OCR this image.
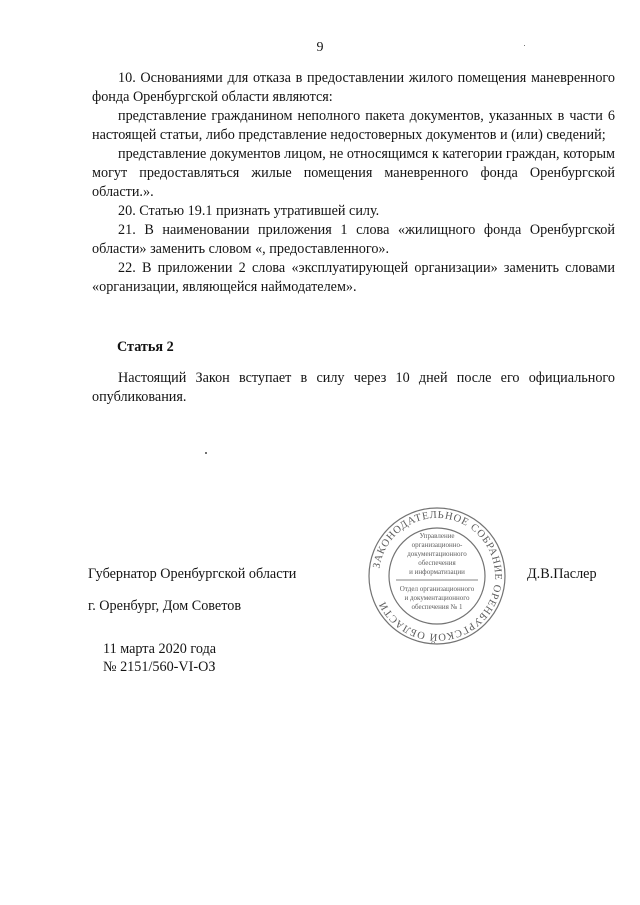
9

10. Основаниями для отказа в предоставлении жилого помещения маневренного фонда Оренбургской области являются:

представление гражданином неполного пакета документов, указанных в части 6 настоящей статьи, либо представление недостоверных документов и (или) сведений;

представление документов лицом, не относящимся к категории граждан, которым могут предоставляться жилые помещения маневренного фонда Оренбургской области.».

20. Статью 19.1 признать утратившей силу.

21. В наименовании приложения 1 слова «жилищного фонда Оренбургской области» заменить словом «, предоставленного».

22. В приложении 2 слова «эксплуатирующей организации» заменить словами «организации, являющейся наймодателем».

Статья 2
Настоящий Закон вступает в силу через 10 дней после его официального опубликования.
Губернатор Оренбургской области
ЗАКОНОДАТЕЛЬНОЕ СОБРАНИЕ ОРЕНБУРГСКОЙ ОБЛАСТИ
Управление
организационно-
документационного
обеспечения
и информатизации
Отдел организационного
и документационного
обеспечения № 1
Д.В.Паслер
г. Оренбург, Дом Советов
11 марта 2020 года
№ 2151/560-VI-ОЗ
